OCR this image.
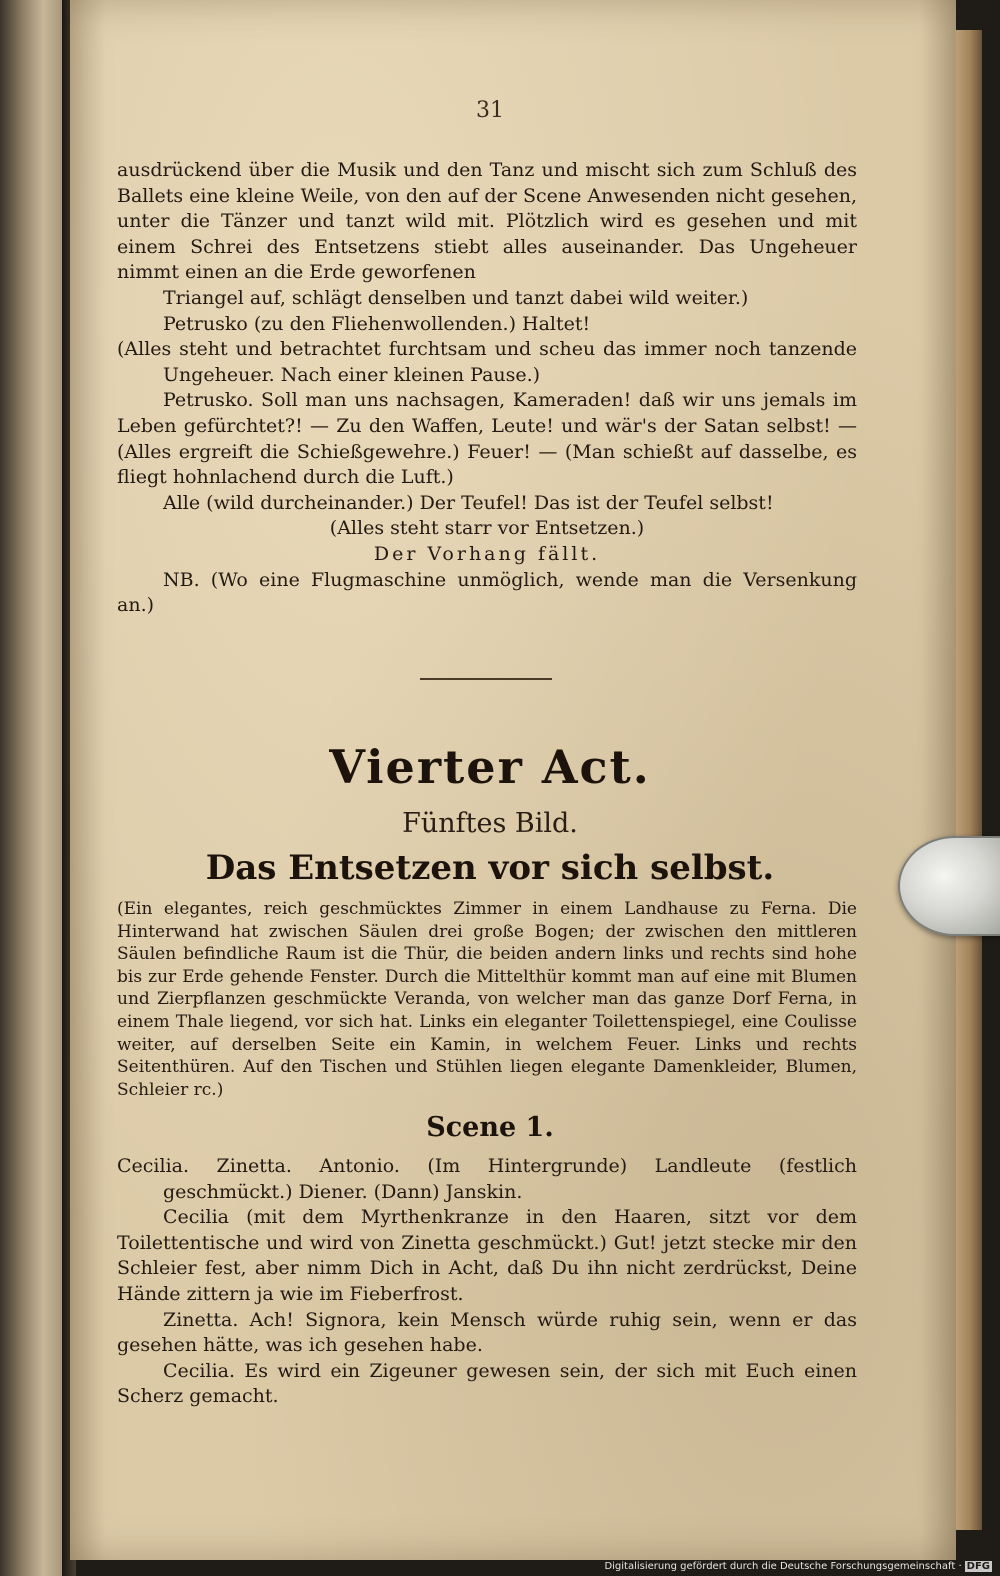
31

ausdrückend über die Musik und den Tanz und mischt sich zum Schluß des Ballets eine kleine Weile, von den auf der Scene Anwesenden nicht gesehen, unter die Tänzer und tanzt wild mit. Plötzlich wird es gesehen und mit einem Schrei des Entsetzens stiebt alles auseinander. Das Ungeheuer nimmt einen an die Erde geworfenen

Triangel auf, schlägt denselben und tanzt dabei wild weiter.)

Petrusko (zu den Fliehenwollenden.) Haltet!

(Alles steht und betrachtet furchtsam und scheu das immer noch tanzende Ungeheuer. Nach einer kleinen Pause.)

Petrusko. Soll man uns nachsagen, Kameraden! daß wir uns jemals im Leben gefürchtet?! — Zu den Waffen, Leute! und wär's der Satan selbst! — (Alles ergreift die Schießgewehre.) Feuer! — (Man schießt auf dasselbe, es fliegt hohnlachend durch die Luft.)

Alle (wild durcheinander.) Der Teufel! Das ist der Teufel selbst!

(Alles steht starr vor Entsetzen.)

Der Vorhang fällt.

NB. (Wo eine Flugmaschine unmöglich, wende man die Versenkung an.)

Vierter Act.
Fünftes Bild.
Das Entsetzen vor sich selbst.

(Ein elegantes, reich geschmücktes Zimmer in einem Landhause zu Ferna. Die Hinterwand hat zwischen Säulen drei große Bogen; der zwischen den mittleren Säulen befindliche Raum ist die Thür, die beiden andern links und rechts sind hohe bis zur Erde gehende Fenster. Durch die Mittelthür kommt man auf eine mit Blumen und Zierpflanzen geschmückte Veranda, von welcher man das ganze Dorf Ferna, in einem Thale liegend, vor sich hat. Links ein eleganter Toilettenspiegel, eine Coulisse weiter, auf derselben Seite ein Kamin, in welchem Feuer. Links und rechts Seitenthüren. Auf den Tischen und Stühlen liegen elegante Damenkleider, Blumen, Schleier rc.)

Scene 1.

Cecilia. Zinetta. Antonio. (Im Hintergrunde) Landleute (festlich geschmückt.) Diener. (Dann) Janskin.

Cecilia (mit dem Myrthenkranze in den Haaren, sitzt vor dem Toilettentische und wird von Zinetta geschmückt.) Gut! jetzt stecke mir den Schleier fest, aber nimm Dich in Acht, daß Du ihn nicht zerdrückst, Deine Hände zittern ja wie im Fieberfrost.

Zinetta. Ach! Signora, kein Mensch würde ruhig sein, wenn er das gesehen hätte, was ich gesehen habe.

Cecilia. Es wird ein Zigeuner gewesen sein, der sich mit Euch einen Scherz gemacht.

Digitalisierung gefördert durch die Deutsche Forschungsgemeinschaft · DFG
